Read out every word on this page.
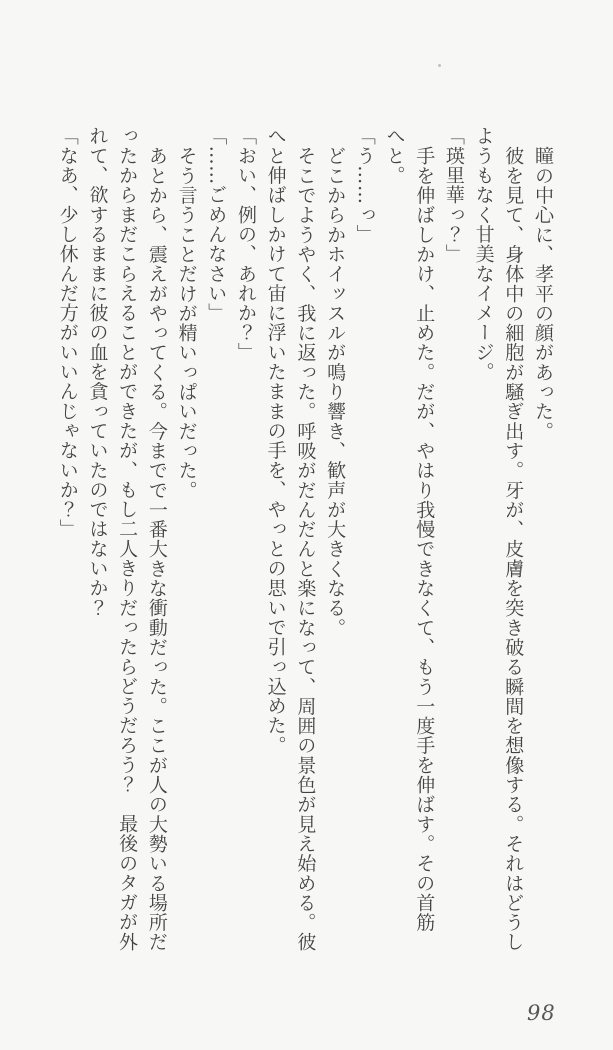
瞳の中心に、孝平の顔があった。
彼を見て、身体中の細胞が騒ぎ出す。牙が、皮膚を突き破る瞬間を想像する。それはどうし
ようもなく甘美なイメージ。
「瑛里華っ？」
手を伸ばしかけ、止めた。だが、やはり我慢できなくて、もう一度手を伸ばす。その首筋
へと。
「う……っ」
どこからかホイッスルが鳴り響き、歓声が大きくなる。
そこでようやく、我に返った。呼吸がだんだんと楽になって、周囲の景色が見え始める。彼
へと伸ばしかけて宙に浮いたままの手を、やっとの思いで引っ込めた。
「おい、例の、あれか？」
「……ごめんなさい」
そう言うことだけが精いっぱいだった。
あとから、震えがやってくる。今までで一番大きな衝動だった。ここが人の大勢いる場所だ
ったからまだこらえることができたが、もし二人きりだったらどうだろう？　最後のタガが外
れて、欲するままに彼の血を貪っていたのではないか？
「なあ、少し休んだ方がいいんじゃないか？」
98
